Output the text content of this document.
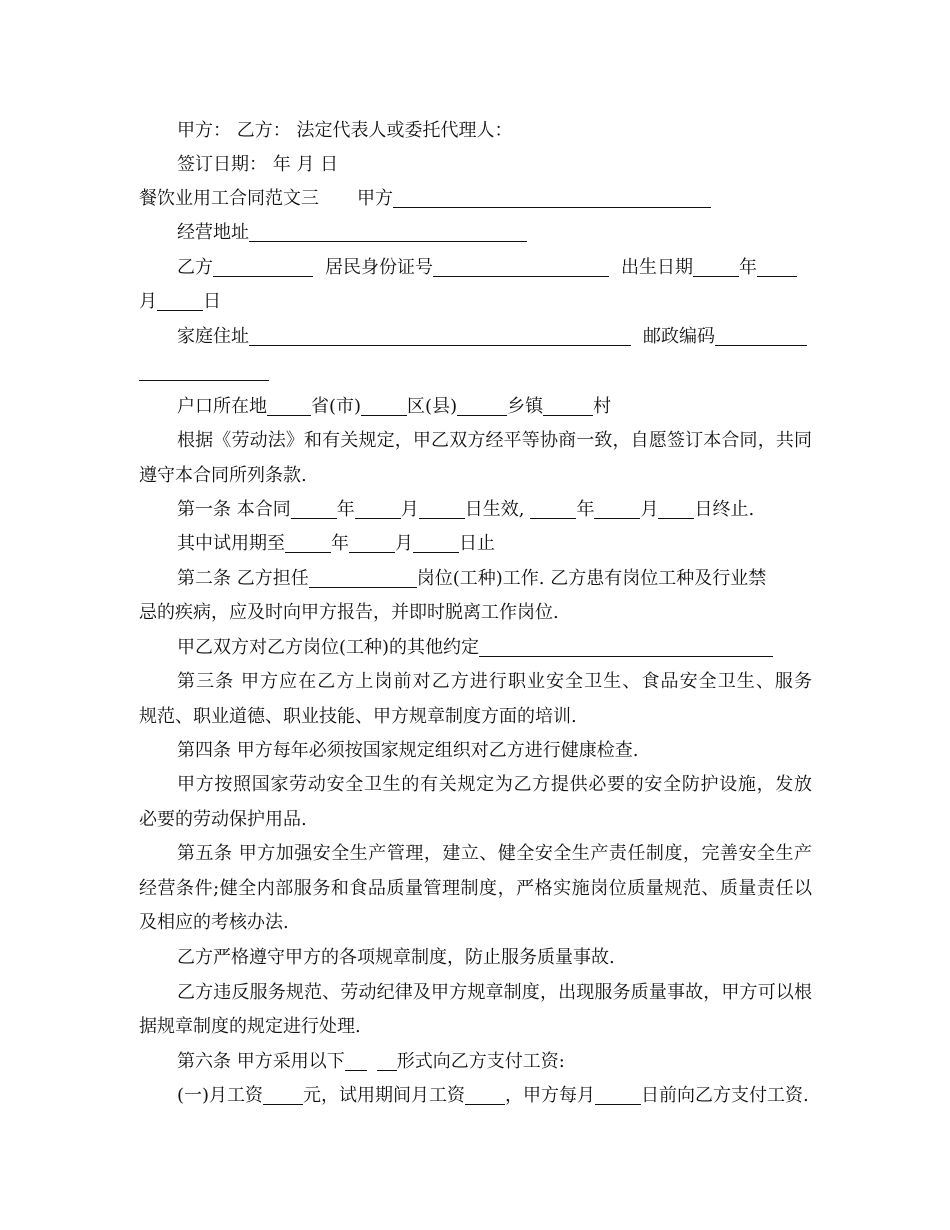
甲方： 乙方： 法定代表人或委托代理人：
签订日期： 年 月 日
餐饮业用工合同范文三 甲方
经营地址
乙方	居民身份证号	出生日期	年
月	日
家庭住址	邮政编码
户口所在地 省(市)	区(县)	乡镇	村
根据《劳动法》和有关规定，甲乙双方经平等协商一致，自愿签订本合同，共同
遵守本合同所列条款.
第一条 本合同	年	月	日生效,	年	月 日终止.
其中试用期至	年	月	日止
第二条 乙方担任	岗位(工种)工作. 乙方患有岗位工种及行业禁
忌的疾病，应及时向甲方报告，并即时脱离工作岗位.
甲乙双方对乙方岗位(工种)的其他约定
第三条 甲方应在乙方上岗前对乙方进行职业安全卫生、食品安全卫生、服务
规范、职业道德、职业技能、甲方规章制度方面的培训.
第四条 甲方每年必须按国家规定组织对乙方进行健康检查.
甲方按照国家劳动安全卫生的有关规定为乙方提供必要的安全防护设施，发放
必要的劳动保护用品.
第五条 甲方加强安全生产管理，建立、健全安全生产责任制度，完善安全生产
经营条件;健全内部服务和食品质量管理制度，严格实施岗位质量规范、质量责任以
及相应的考核办法.
乙方严格遵守甲方的各项规章制度，防止服务质量事故.
乙方违反服务规范、劳动纪律及甲方规章制度，出现服务质量事故，甲方可以根
据规章制度的规定进行处理.
第六条 甲方采用以下	形式向乙方支付工资:
(一)月工资 元，试用期间月工资 ，甲方每月	日前向乙方支付工资.
